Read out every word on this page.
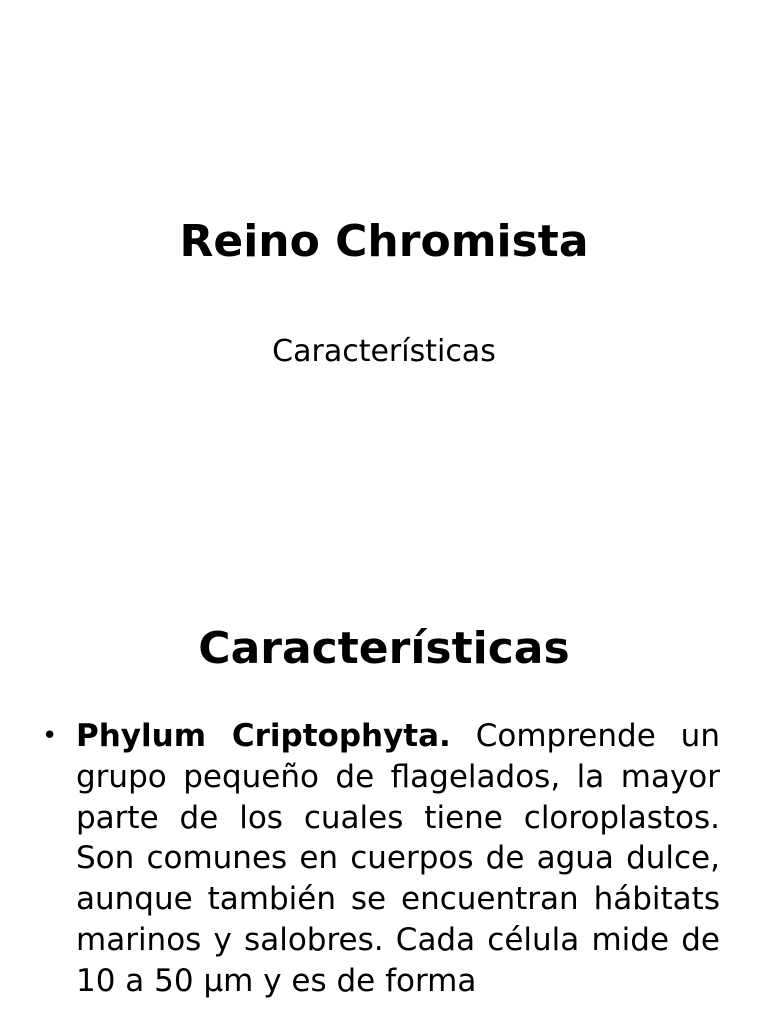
Reino Chromista

Características

Características
• Phylum Criptophyta. Comprende un grupo pequeño de flagelados, la mayor parte de los cuales tiene cloroplastos. Son comunes en cuerpos de agua dulce, aunque también se encuentran hábitats marinos y salobres. Cada célula mide de 10 a 50 µm y es de forma
